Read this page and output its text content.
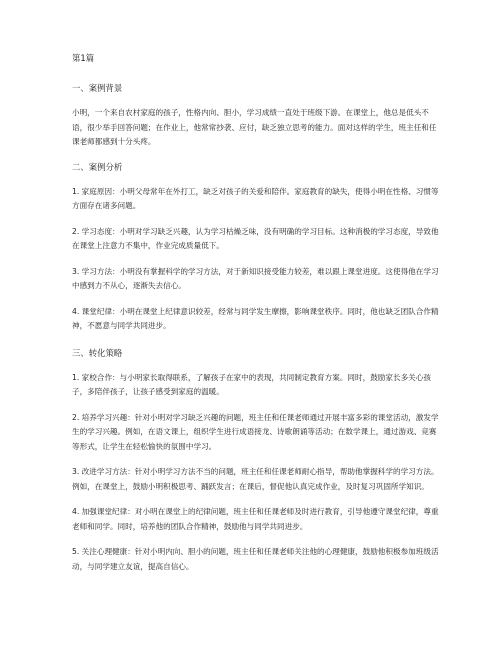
第1篇
一、案例背景
小明，一个来自农村家庭的孩子，性格内向、胆小，学习成绩一直处于班级下游。在课堂上，他总是低头不语，很少举手回答问题；在作业上，他常常抄袭、应付，缺乏独立思考的能力。面对这样的学生，班主任和任课老师都感到十分头疼。
二、案例分析
1. 家庭原因：小明父母常年在外打工，缺乏对孩子的关爱和陪伴。家庭教育的缺失，使得小明在性格、习惯等方面存在诸多问题。
2. 学习态度：小明对学习缺乏兴趣，认为学习枯燥乏味，没有明确的学习目标。这种消极的学习态度，导致他在课堂上注意力不集中，作业完成质量低下。
3. 学习方法：小明没有掌握科学的学习方法，对于新知识接受能力较差，难以跟上课堂进度。这使得他在学习中感到力不从心，逐渐失去信心。
4. 课堂纪律：小明在课堂上纪律意识较差，经常与同学发生摩擦，影响课堂秩序。同时，他也缺乏团队合作精神，不愿意与同学共同进步。
三、转化策略
1. 家校合作：与小明家长取得联系，了解孩子在家中的表现，共同制定教育方案。同时，鼓励家长多关心孩子，多陪伴孩子，让孩子感受到家庭的温暖。
2. 培养学习兴趣：针对小明对学习缺乏兴趣的问题，班主任和任课老师通过开展丰富多彩的课堂活动，激发学生的学习兴趣。例如，在语文课上，组织学生进行成语接龙、诗歌朗诵等活动；在数学课上，通过游戏、竞赛等形式，让学生在轻松愉快的氛围中学习。
3. 改进学习方法：针对小明学习方法不当的问题，班主任和任课老师耐心指导，帮助他掌握科学的学习方法。例如，在课堂上，鼓励小明积极思考、踊跃发言；在课后，督促他认真完成作业，及时复习巩固所学知识。
4. 加强课堂纪律：对小明在课堂上的纪律问题，班主任和任课老师及时进行教育，引导他遵守课堂纪律，尊重老师和同学。同时，培养他的团队合作精神，鼓励他与同学共同进步。
5. 关注心理健康：针对小明内向、胆小的问题，班主任和任课老师关注他的心理健康，鼓励他积极参加班级活动，与同学建立友谊，提高自信心。
